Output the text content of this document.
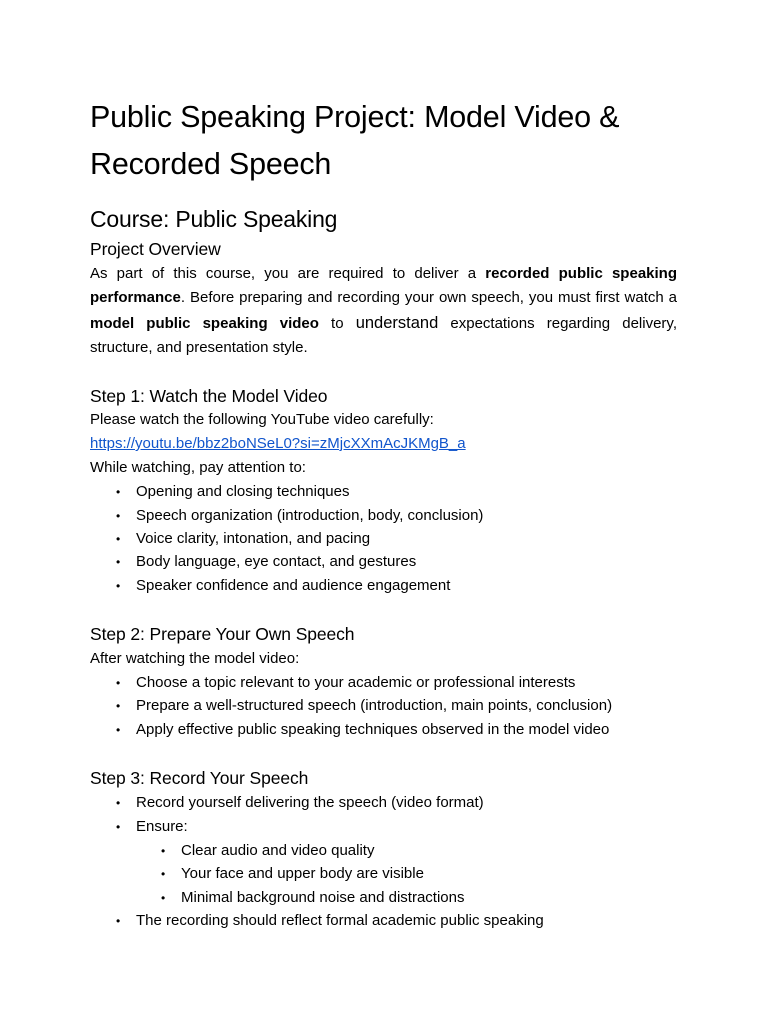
Public Speaking Project: Model Video & Recorded Speech
Course: Public Speaking
Project Overview

As part of this course, you are required to deliver a recorded public speaking performance. Before preparing and recording your own speech, you must first watch a model public speaking video to understand expectations regarding delivery, structure, and presentation style.

Step 1: Watch the Model Video

Please watch the following YouTube video carefully:

https://youtu.be/bbz2boNSeL0?si=zMjcXXmAcJKMgB_a

While watching, pay attention to:

• Opening and closing techniques

• Speech organization (introduction, body, conclusion)

• Voice clarity, intonation, and pacing

• Body language, eye contact, and gestures

• Speaker confidence and audience engagement

Step 2: Prepare Your Own Speech

After watching the model video:

• Choose a topic relevant to your academic or professional interests

• Prepare a well-structured speech (introduction, main points, conclusion)

• Apply effective public speaking techniques observed in the model video

Step 3: Record Your Speech

• Record yourself delivering the speech (video format)

• Ensure:

• Clear audio and video quality

• Your face and upper body are visible

• Minimal background noise and distractions

• The recording should reflect formal academic public speaking
